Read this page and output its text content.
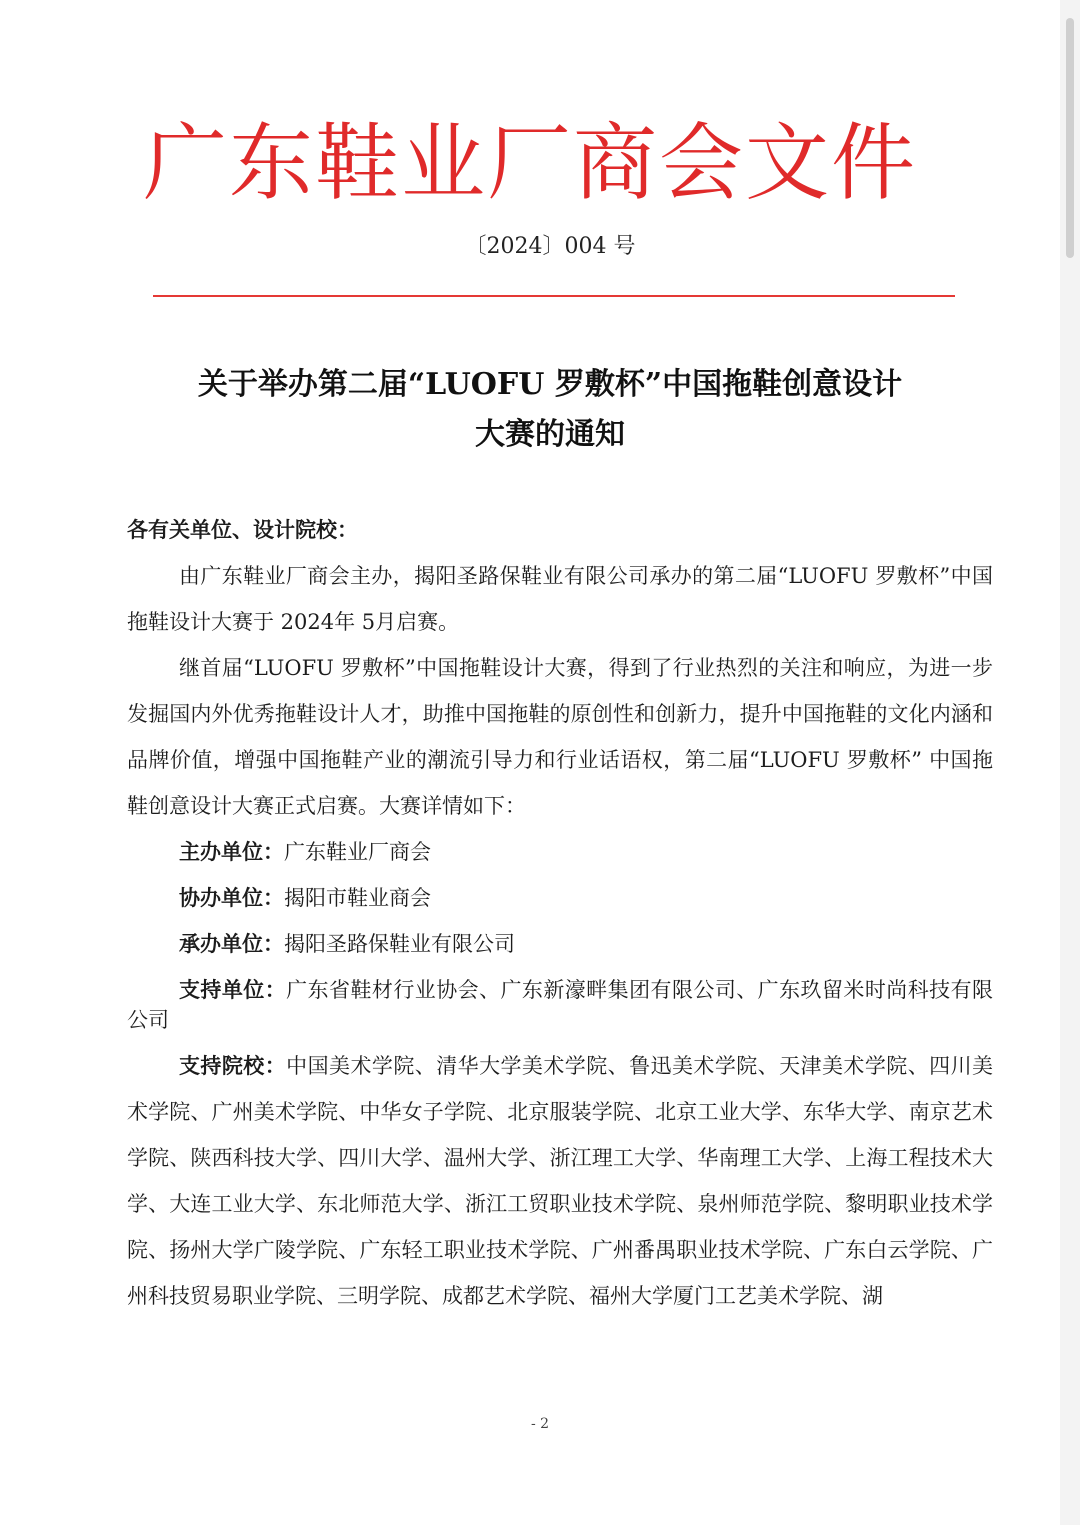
广东鞋业厂商会文件
〔2024〕004 号
关于举办第二届“LUOFU 罗敷杯”中国拖鞋创意设计
大赛的通知

各有关单位、设计院校：

由广东鞋业厂商会主办，揭阳圣路保鞋业有限公司承办的第二届“LUOFU 罗敷杯”中国拖鞋设计大赛于 2024年 5月启赛。

继首届“LUOFU 罗敷杯”中国拖鞋设计大赛，得到了行业热烈的关注和响应，为进一步发掘国内外优秀拖鞋设计人才，助推中国拖鞋的原创性和创新力，提升中国拖鞋的文化内涵和品牌价值，增强中国拖鞋产业的潮流引导力和行业话语权，第二届“LUOFU 罗敷杯” 中国拖鞋创意设计大赛正式启赛。大赛详情如下：

主办单位：广东鞋业厂商会

协办单位：揭阳市鞋业商会

承办单位：揭阳圣路保鞋业有限公司

支持单位：广东省鞋材行业协会、广东新濠畔集团有限公司、广东玖留米时尚科技有限公司

支持院校：中国美术学院、清华大学美术学院、鲁迅美术学院、天津美术学院、四川美术学院、广州美术学院、中华女子学院、北京服装学院、北京工业大学、东华大学、南京艺术学院、陕西科技大学、四川大学、温州大学、浙江理工大学、华南理工大学、上海工程技术大学、大连工业大学、东北师范大学、浙江工贸职业技术学院、泉州师范学院、黎明职业技术学院、扬州大学广陵学院、广东轻工职业技术学院、广州番禺职业技术学院、广东白云学院、广州科技贸易职业学院、三明学院、成都艺术学院、福州大学厦门工艺美术学院、湖

- 2
